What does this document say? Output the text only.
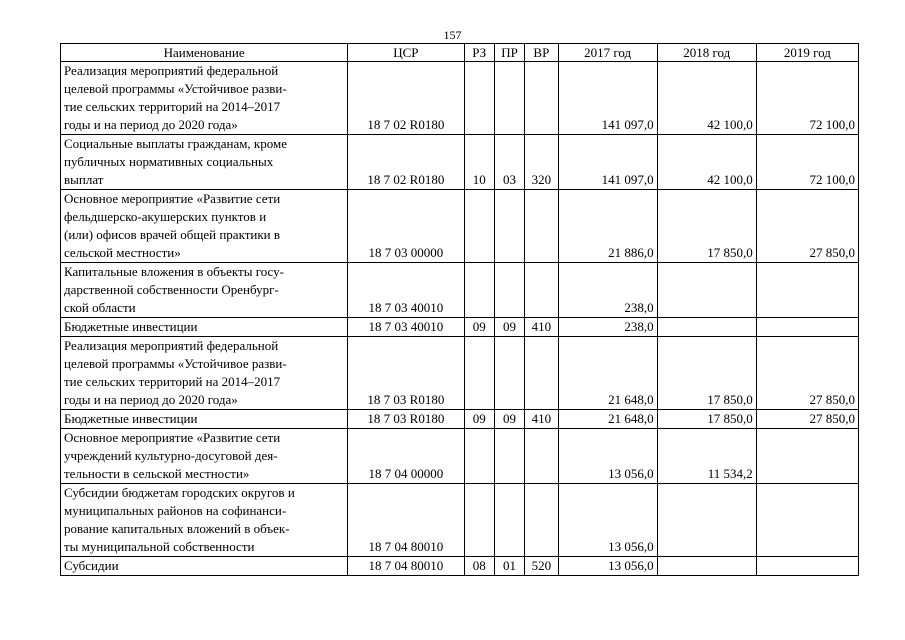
157
Наименование	ЦСР	РЗ	ПР	ВР	2017 год	2018 год	2019 год

Реализация мероприятий федеральной
целевой программы «Устойчивое разви-
тие сельских территорий на 2014–2017
годы и на период до 2020 года»	18 7 02 R0180				141 097,0	42 100,0	72 100,0

Социальные выплаты гражданам, кроме
публичных нормативных социальных
выплат	18 7 02 R0180	10	03	320	141 097,0	42 100,0	72 100,0

Основное мероприятие «Развитие сети
фельдшерско-акушерских пунктов и
(или) офисов врачей общей практики в
сельской местности»	18 7 03 00000				21 886,0	17 850,0	27 850,0

Капитальные вложения в объекты госу-
дарственной собственности Оренбург-
ской области	18 7 03 40010				238,0		

Бюджетные инвестиции	18 7 03 40010	09	09	410	238,0		

Реализация мероприятий федеральной
целевой программы «Устойчивое разви-
тие сельских территорий на 2014–2017
годы и на период до 2020 года»	18 7 03 R0180				21 648,0	17 850,0	27 850,0

Бюджетные инвестиции	18 7 03 R0180	09	09	410	21 648,0	17 850,0	27 850,0

Основное мероприятие «Развитие сети
учреждений культурно-досуговой дея-
тельности в сельской местности»	18 7 04 00000				13 056,0	11 534,2	

Субсидии бюджетам городских округов и
муниципальных районов на софинанси-
рование капитальных вложений в объек-
ты муниципальной собственности	18 7 04 80010				13 056,0		

Субсидии	18 7 04 80010	08	01	520	13 056,0		
